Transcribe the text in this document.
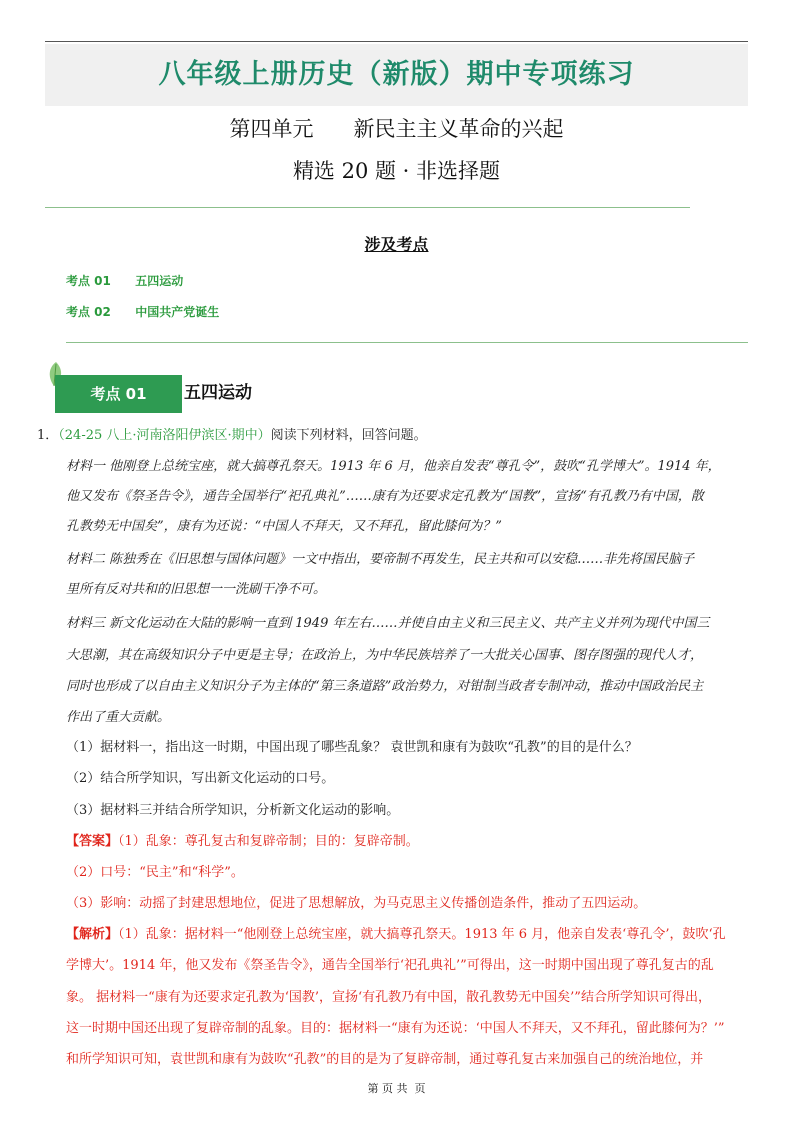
八年级上册历史（新版）期中专项练习
第四单元      新民主主义革命的兴起
精选 20 题 · 非选择题
涉及考点
考点 01 五四运动
考点 02 中国共产党诞生
考点 01	五四运动
1．（24-25 八上·河南洛阳伊滨区·期中）阅读下列材料，回答问题。
材料一 他刚登上总统宝座，就大搞尊孔祭天。1913 年 6 月，他亲自发表“尊孔令”，鼓吹“孔学博大”。1914 年，
他又发布《祭圣告令》，通告全国举行“祀孔典礼”……康有为还要求定孔教为“国教”，宣扬“有孔教乃有中国，散
孔教势无中国矣”，康有为还说：“中国人不拜天，又不拜孔，留此膝何为？”
材料二 陈独秀在《旧思想与国体问题》一文中指出，要帝制不再发生，民主共和可以安稳……非先将国民脑子
里所有反对共和的旧思想一一洗刷干净不可。
材料三 新文化运动在大陆的影响一直到 1949 年左右……并使自由主义和三民主义、共产主义并列为现代中国三
大思潮，其在高级知识分子中更是主导；在政治上，为中华民族培养了一大批关心国事、图存图强的现代人才，
同时也形成了以自由主义知识分子为主体的“第三条道路”政治势力，对钳制当政者专制冲动，推动中国政治民主
作出了重大贡献。
（1）据材料一，指出这一时期，中国出现了哪些乱象？ 袁世凯和康有为鼓吹“孔教”的目的是什么？
（2）结合所学知识，写出新文化运动的口号。
（3）据材料三并结合所学知识，分析新文化运动的影响。
【答案】（1）乱象：尊孔复古和复辟帝制；目的：复辟帝制。
（2）口号：“民主”和“科学”。
（3）影响：动摇了封建思想地位，促进了思想解放，为马克思主义传播创造条件，推动了五四运动。
【解析】（1）乱象：据材料一“他刚登上总统宝座，就大搞尊孔祭天。1913 年 6 月，他亲自发表‘尊孔令’，鼓吹‘孔
学博大’。1914 年，他又发布《祭圣告令》，通告全国举行‘祀孔典礼’”可得出，这一时期中国出现了尊孔复古的乱
象。 据材料一“康有为还要求定孔教为‘国教’，宣扬‘有孔教乃有中国，散孔教势无中国矣’”结合所学知识可得出，
这一时期中国还出现了复辟帝制的乱象。目的：据材料一“康有为还说：‘中国人不拜天，又不拜孔，留此膝何为？’”
和所学知识可知，袁世凯和康有为鼓吹“孔教”的目的是为了复辟帝制，通过尊孔复古来加强自己的统治地位，并
第 页 共  页
